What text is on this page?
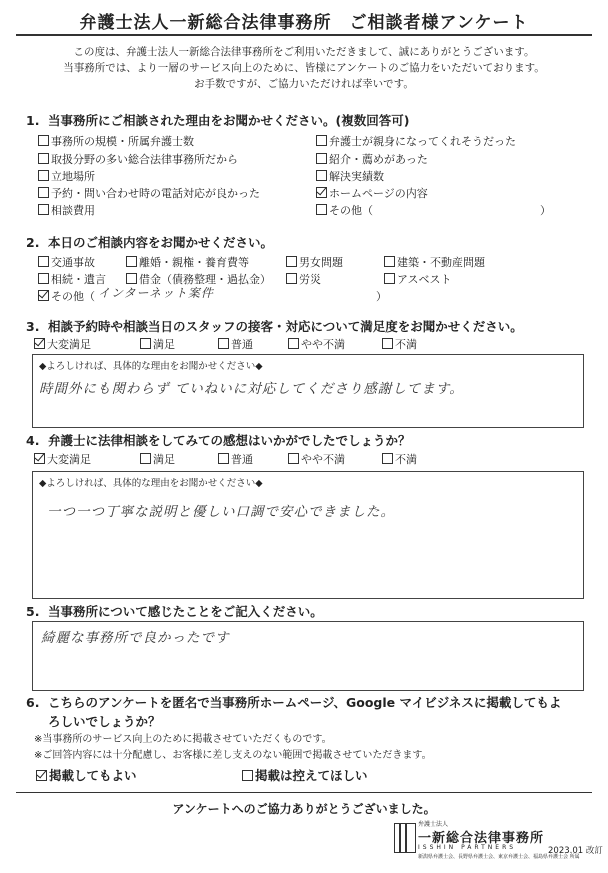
弁護士法人一新総合法律事務所　ご相談者様アンケート
この度は、弁護士法人一新総合法律事務所をご利用いただきまして、誠にありがとうございます。
当事務所では、より一層のサービス向上のために、皆様にアンケートのご協力をいただいております。
お手数ですが、ご協力いただければ幸いです。
1. 当事務所にご相談された理由をお聞かせください。(複数回答可)
事務所の規模・所属弁護士数
取扱分野の多い総合法律事務所だから
立地場所
予約・問い合わせ時の電話対応が良かった
相談費用
弁護士が親身になってくれそうだった
紹介・薦めがあった
解決実績数
ホームページの内容
その他（	）
2. 本日のご相談内容をお聞かせください。
交通事故	離婚・親権・養育費等	男女問題	建築・不動産問題
相続・遺言	借金（債務整理・過払金）	労災	アスベスト
その他（ インターネット案件	）
3. 相談予約時や相談当日のスタッフの接客・対応について満足度をお聞かせください。
大変満足	満足	普通	やや不満	不満
◆よろしければ、具体的な理由をお聞かせください◆
時間外にも関わらず ていねいに対応してくださり感謝してます。
4. 弁護士に法律相談をしてみての感想はいかがでしたでしょうか？
大変満足	満足	普通	やや不満	不満
◆よろしければ、具体的な理由をお聞かせください◆
一つ一つ丁寧な説明と優しい口調で安心できました。
5. 当事務所について感じたことをご記入ください。
綺麗な事務所で良かったです
6. こちらのアンケートを匿名で当事務所ホームページ、Google マイビジネスに掲載してもよ
ろしいでしょうか？
※当事務所のサービス向上のために掲載させていただくものです。
※ご回答内容には十分配慮し、お客様に差し支えのない範囲で掲載させていただきます。
掲載してもよい	掲載は控えてほしい
アンケートへのご協力ありがとうございました。
弁護士法人
一新総合法律事務所
ISSHIN PARTNERS
新潟県弁護士会、長野県弁護士会、東京弁護士会、福島県弁護士会 所属
2023.01 改訂
